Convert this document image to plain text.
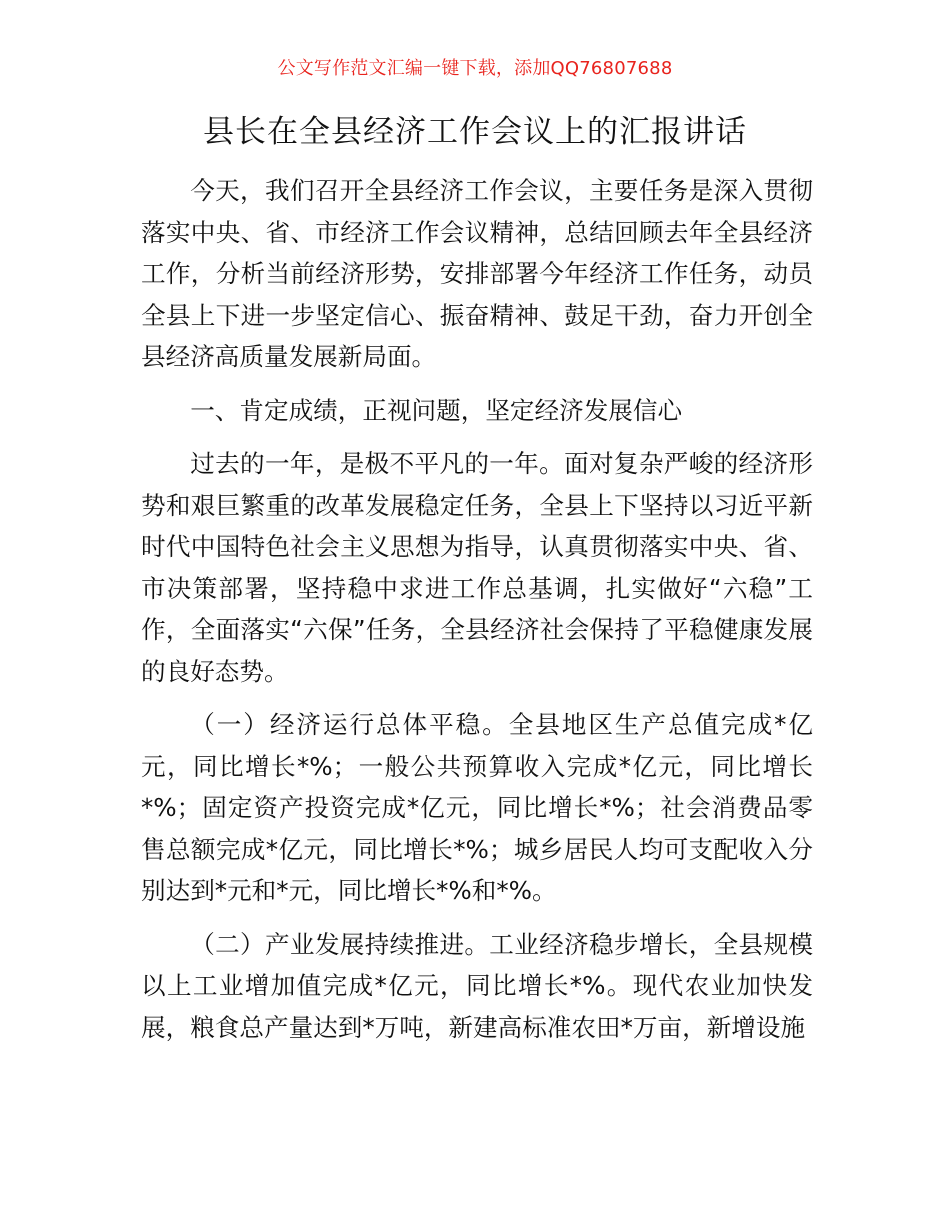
公文写作范文汇编一键下载，添加QQ76807688
县长在全县经济工作会议上的汇报讲话

今天，我们召开全县经济工作会议，主要任务是深入贯彻落实中央、省、市经济工作会议精神，总结回顾去年全县经济工作，分析当前经济形势，安排部署今年经济工作任务，动员全县上下进一步坚定信心、振奋精神、鼓足干劲，奋力开创全县经济高质量发展新局面。

一、肯定成绩，正视问题，坚定经济发展信心

过去的一年，是极不平凡的一年。面对复杂严峻的经济形势和艰巨繁重的改革发展稳定任务，全县上下坚持以习近平新时代中国特色社会主义思想为指导，认真贯彻落实中央、省、市决策部署，坚持稳中求进工作总基调，扎实做好“六稳”工作，全面落实“六保”任务，全县经济社会保持了平稳健康发展的良好态势。

（一）经济运行总体平稳。全县地区生产总值完成*亿元，同比增长*%；一般公共预算收入完成*亿元，同比增长*%；固定资产投资完成*亿元，同比增长*%；社会消费品零售总额完成*亿元，同比增长*%；城乡居民人均可支配收入分别达到*元和*元，同比增长*%和*%。

（二）产业发展持续推进。工业经济稳步增长，全县规模以上工业增加值完成*亿元，同比增长*%。现代农业加快发展，粮食总产量达到*万吨，新建高标准农田*万亩，新增设施
